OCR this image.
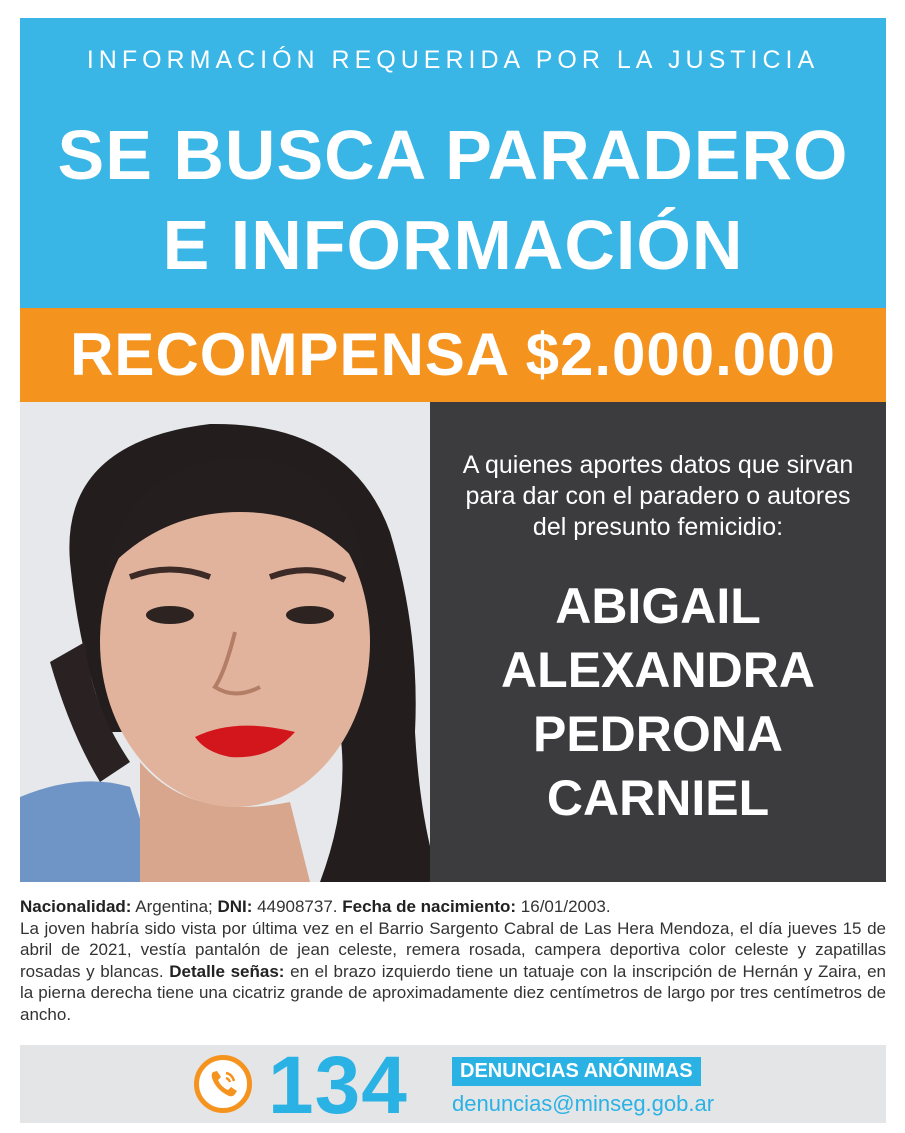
INFORMACIÓN REQUERIDA POR LA JUSTICIA
SE BUSCA PARADERO
E INFORMACIÓN
RECOMPENSA $2.000.000
A quienes aportes datos que sirvan
para dar con el paradero o autores
del presunto femicidio:
ABIGAIL
ALEXANDRA
PEDRONA
CARNIEL
Nacionalidad: Argentina; DNI: 44908737. Fecha de nacimiento: 16/01/2003.
La joven habría sido vista por última vez en el Barrio Sargento Cabral de Las Hera Mendoza, el día jueves 15 de abril de 2021, vestía pantalón de jean celeste, remera rosada, campera deportiva color celeste y zapatillas rosadas y blancas. Detalle señas: en el brazo izquierdo tiene un tatuaje con la inscripción de Hernán y Zaira, en la pierna derecha tiene una cicatriz grande de aproximadamente diez centímetros de largo por tres centímetros de ancho.
134	DENUNCIAS ANÓNIMAS
denuncias@minseg.gob.ar
